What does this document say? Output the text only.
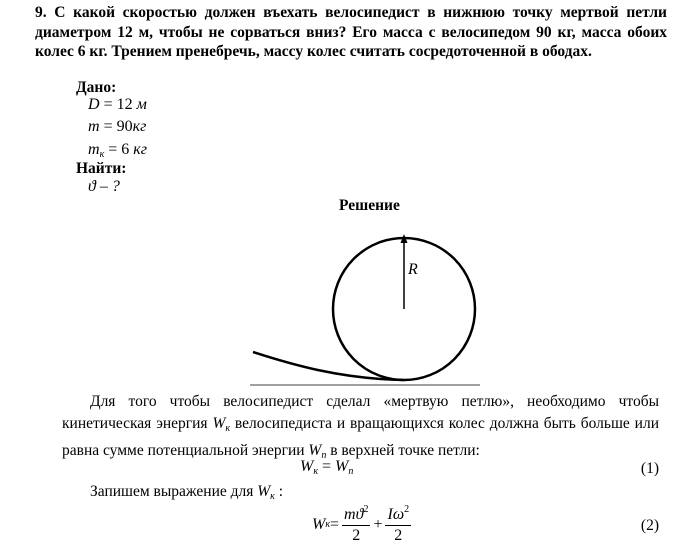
9. С какой скоростью должен въехать велосипедист в нижнюю точку мертвой петли диаметром 12 м, чтобы не сорваться вниз? Его масса с велосипедом 90 кг, масса обоих колес 6 кг. Трением пренебречь, массу колес считать сосредоточенной в ободах.

Дано:

D = 12 м
m = 90кг
$m_к = 6$ кг

Найти:

ϑ – ?

Решение

R

Для того чтобы велосипедист сделал «мертвую петлю», необходимо чтобы кинетическая энергия $W_к$ велосипедиста и вращающихся колес должна быть больше или равна сумме потенциальной энергии $W_п$ в верхней точке петли:

$W_к = W_п$	(1)
Запишем выражение для $W_к$ :
W $к = \frac{mϑ^2}{2} + \frac{I\omega^2}{2}$	(2)
